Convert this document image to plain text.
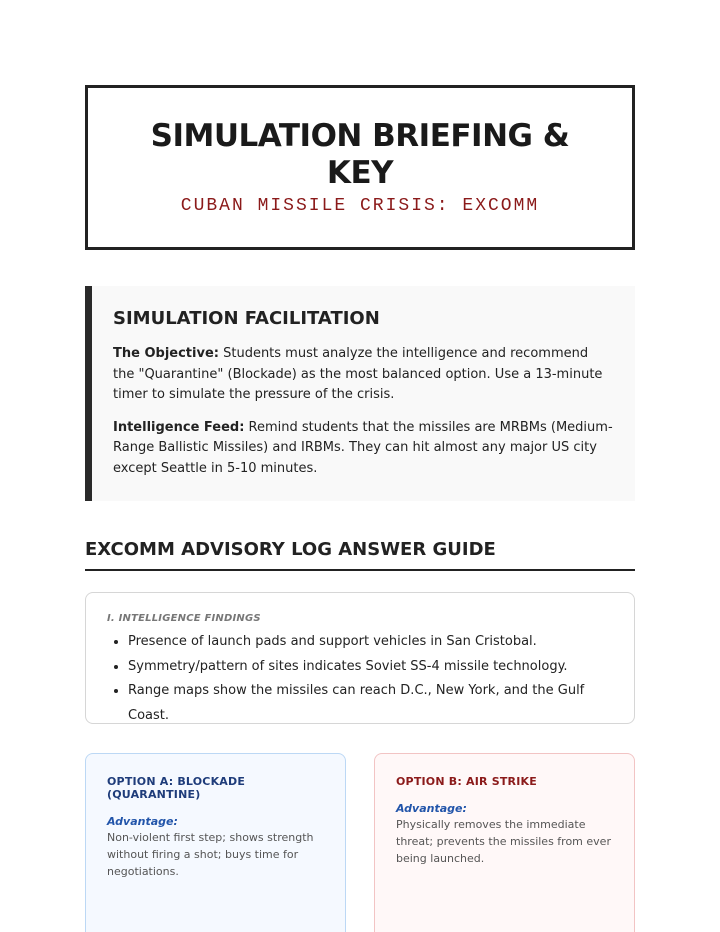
SIMULATION BRIEFING & KEY
CUBAN MISSILE CRISIS: EXCOMM
SIMULATION FACILITATION

The Objective: Students must analyze the intelligence and recommend the "Quarantine" (Blockade) as the most balanced option. Use a 13-minute timer to simulate the pressure of the crisis.

Intelligence Feed: Remind students that the missiles are MRBMs (Medium-Range Ballistic Missiles) and IRBMs. They can hit almost any major US city except Seattle in 5-10 minutes.

EXCOMM ADVISORY LOG ANSWER GUIDE
I. INTELLIGENCE FINDINGS
• Presence of launch pads and support vehicles in San Cristobal.
• Symmetry/pattern of sites indicates Soviet SS-4 missile technology.
• Range maps show the missiles can reach D.C., New York, and the Gulf Coast.
OPTION A: BLOCKADE (QUARANTINE)
Advantage:
Non-violent first step; shows strength without firing a shot; buys time for negotiations.
OPTION B: AIR STRIKE
Advantage:
Physically removes the immediate threat; prevents the missiles from ever being launched.
